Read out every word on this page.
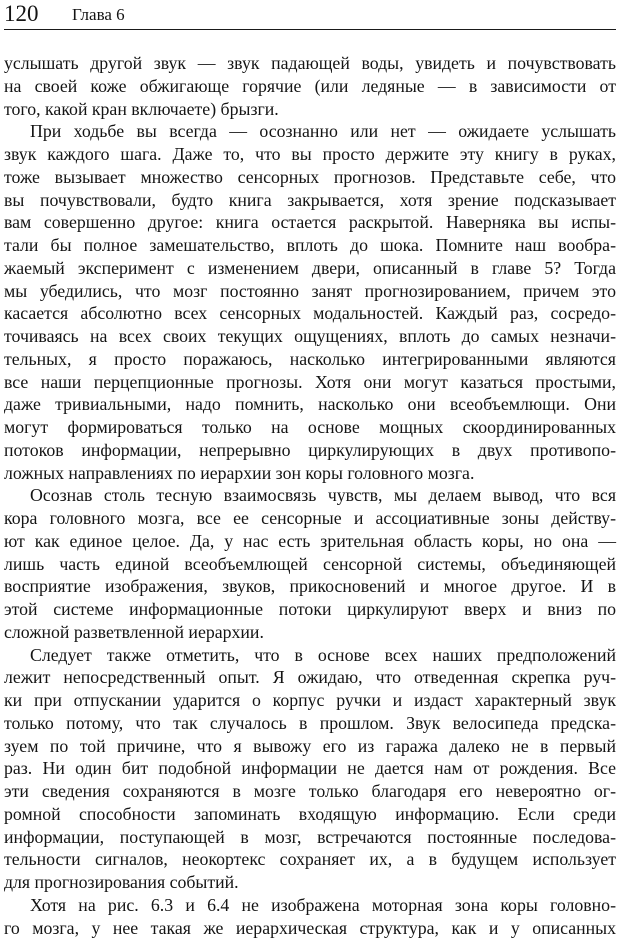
120 Глава 6
услышать другой звук — звук падающей воды, увидеть и почувствовать
на своей коже обжигающе горячие (или ледяные — в зависимости от
того, какой кран включаете) брызги.
При ходьбе вы всегда — осознанно или нет — ожидаете услышать
звук каждого шага. Даже то, что вы просто держите эту книгу в руках,
тоже вызывает множество сенсорных прогнозов. Представьте себе, что
вы почувствовали, будто книга закрывается, хотя зрение подсказывает
вам совершенно другое: книга остается раскрытой. Наверняка вы испы-
тали бы полное замешательство, вплоть до шока. Помните наш вообра-
жаемый эксперимент с изменением двери, описанный в главе 5? Тогда
мы убедились, что мозг постоянно занят прогнозированием, причем это
касается абсолютно всех сенсорных модальностей. Каждый раз, сосредо-
точиваясь на всех своих текущих ощущениях, вплоть до самых незначи-
тельных, я просто поражаюсь, насколько интегрированными являются
все наши перцепционные прогнозы. Хотя они могут казаться простыми,
даже тривиальными, надо помнить, насколько они всеобъемлющи. Они
могут формироваться только на основе мощных скоординированных
потоков информации, непрерывно циркулирующих в двух противопо-
ложных направлениях по иерархии зон коры головного мозга.
Осознав столь тесную взаимосвязь чувств, мы делаем вывод, что вся
кора головного мозга, все ее сенсорные и ассоциативные зоны действу-
ют как единое целое. Да, у нас есть зрительная область коры, но она —
лишь часть единой всеобъемлющей сенсорной системы, объединяющей
восприятие изображения, звуков, прикосновений и многое другое. И в
этой системе информационные потоки циркулируют вверх и вниз по
сложной разветвленной иерархии.
Следует также отметить, что в основе всех наших предположений
лежит непосредственный опыт. Я ожидаю, что отведенная скрепка руч-
ки при отпускании ударится о корпус ручки и издаст характерный звук
только потому, что так случалось в прошлом. Звук велосипеда предска-
зуем по той причине, что я вывожу его из гаража далеко не в первый
раз. Ни один бит подобной информации не дается нам от рождения. Все
эти сведения сохраняются в мозге только благодаря его невероятно ог-
ромной способности запоминать входящую информацию. Если среди
информации, поступающей в мозг, встречаются постоянные последова-
тельности сигналов, неокортекс сохраняет их, а в будущем использует
для прогнозирования событий.
Хотя на рис. 6.3 и 6.4 не изображена моторная зона коры головно-
го мозга, у нее такая же иерархическая структура, как и у описанных
